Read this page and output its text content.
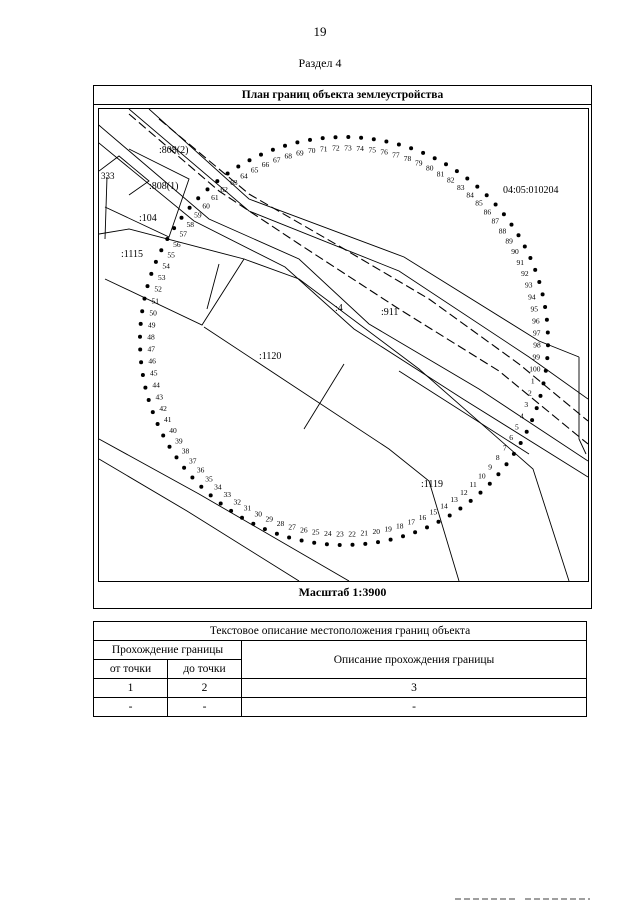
19
Раздел 4
План границ объекта землеустройства
1
2
3
4
5
6
7
8
9
10
11
12
13
14
15
16
17
18
19
20
21
22
23
24
25
26
27
28
29
30
31
32
33
34
35
36
37
38
39
40
41
42
43
44
45
46
47
48
49
50
51
52
53
54
55
56
57
58
59
60
61
62
63
64
65
66
67 68 69 70 71 72 73 74 75 76 77 78 79
80
81
82
83
84
85
86
87
88
89
90
91
92
93
94
95
96
97
98
99
100
:808(2)
333
:808(1)
:104
:1115
:4	:911
:1120
:1119
04:05:010204
Масштаб 1:3900
Текстовое описание местоположения границ объекта		
Прохождение границы		Описание прохождения границы
от точки	до точки	
1	2	3
-	-	-
